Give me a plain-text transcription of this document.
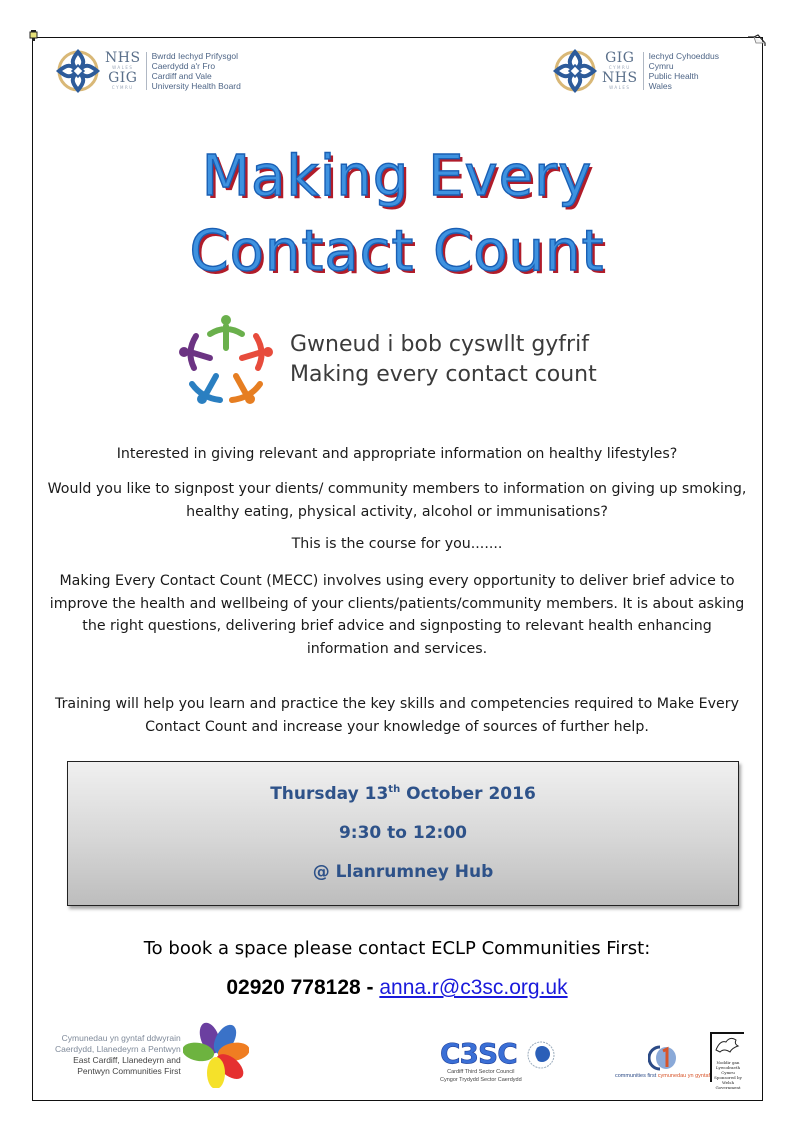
NHS
WALES
GIG
CYMRU
Bwrdd Iechyd Prifysgol
Caerdydd a'r Fro
Cardiff and Vale
University Health Board
GIG
CYMRU
NHS
WALES
Iechyd Cyhoeddus
Cymru
Public Health
Wales
Making Every
Contact Count
Gwneud i bob cyswllt gyfrif
Making every contact count
Interested in giving relevant and appropriate information on healthy lifestyles?
Would you like to signpost your dients/ community members to information on giving up smoking, healthy eating, physical activity, alcohol or immunisations?
This is the course for you.......
Making Every Contact Count (MECC) involves using every opportunity to deliver brief advice to improve the health and wellbeing of your clients/patients/community members. It is about asking the right questions, delivering brief advice and signposting to relevant health enhancing information and services.
Training will help you learn and practice the key skills and competencies required to Make Every Contact Count and increase your knowledge of sources of further help.
Thursday 13th October 2016
9:30 to 12:00
@ Llanrumney Hub
To book a space please contact ECLP Communities First:
02920 778128 - anna.r@c3sc.org.uk
Cymunedau yn gyntaf ddwyrain
Caerdydd, Llanedeyrn a Pentwyn
East Cardiff, Llanedeyrn and
Pentwyn Communities First
C3SC
Cardiff Third Sector Council
Cyngor Trydydd Sector Caerdydd
communities first cymunedau yn gyntaf
Noddir gan
Lywodraeth Cymru
Sponsored by
Welsh Government
